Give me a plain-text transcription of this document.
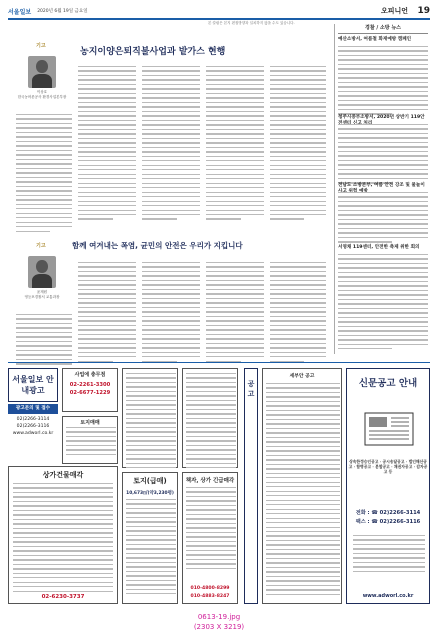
서울일보 2020년 6월 19일 금요일	오피니언 19
본 칼럼은 본지 편집방향과 일치하지 않을 수도 있습니다.
기고
이상호
한국농어촌공사 환경사업본부장
농지이양은퇴직불사업과 밭가스 현행
기고
윤재원
영등포경찰서 교통과장
함께 여겨내는 폭염, 균민의 안전은 우리가 지킵니다
경찰 / 소방 뉴스
예산소방서, 여름철 화재예방 캠페인
청주시중부소방서, 2020년 상반기 119안
전남도 소방본부, 여름 안전 강조 및 물놀이
서영채 119센터, 안전한 축제 위한 회의
서울일보 안내광고
광고문의 및 접수
02)2266-3114
02)2266-3116
www.adworl.co.kr
사업에 충무점
02-2261-3300
02-6677-1229
토지매매
상가건물매각
02-6230-3737
토지(급매)
10,673㎡(약3,230평)
책자, 상가 긴급매각
010-4800-8299
010-4883-8247
공고
세부안 공고
신문공고 안내
상속한정승인공고 · 공시송달공고 · 법인해산공고 · 합병공고 · 분할공고 · 채권자공고 · 감자공고 등
전화 : ☎ 02)2266-3114
팩스 : ☎ 02)2266-3116
www.adworl.co.kr
0613-19.jpg
(2303 X 3219)
